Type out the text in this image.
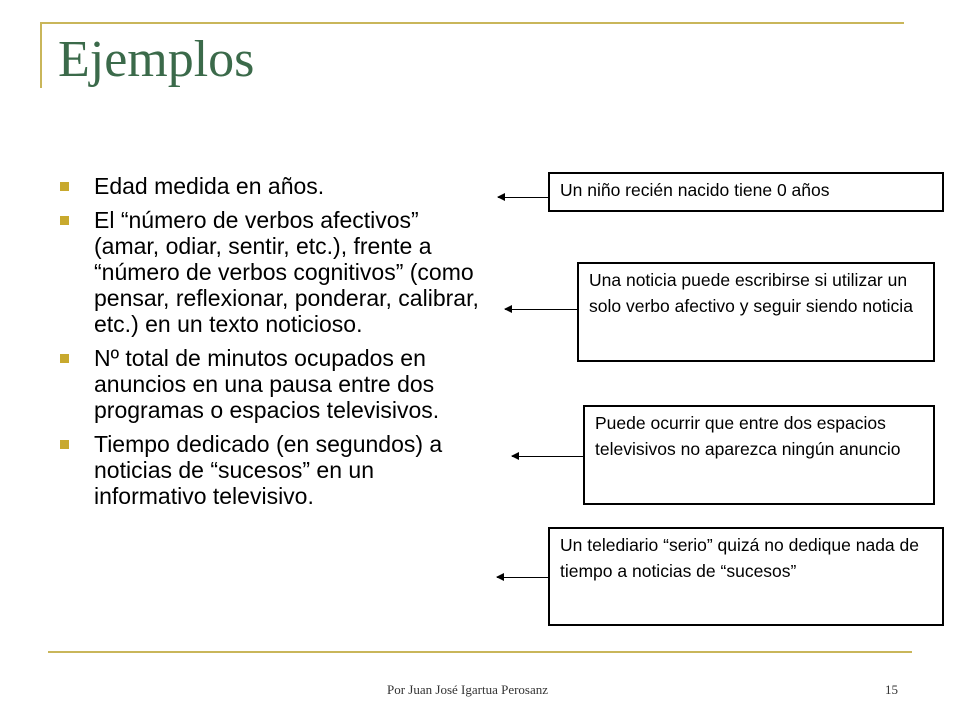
Ejemplos
Edad medida en años.
El “número de verbos afectivos” (amar, odiar, sentir, etc.), frente a “número de verbos cognitivos” (como pensar, reflexionar, ponderar, calibrar, etc.) en un texto noticioso.
Nº total de minutos ocupados en anuncios en una pausa entre dos programas o espacios televisivos.
Tiempo dedicado (en segundos) a noticias de “sucesos” en un informativo televisivo.
Un niño recién nacido tiene 0 años
Una noticia puede escribirse si utilizar un solo verbo afectivo y seguir siendo noticia
Puede ocurrir que entre dos espacios televisivos no aparezca ningún anuncio
Un telediario “serio” quizá no dedique nada de tiempo a noticias de “sucesos”
Por Juan José Igartua Perosanz	15
